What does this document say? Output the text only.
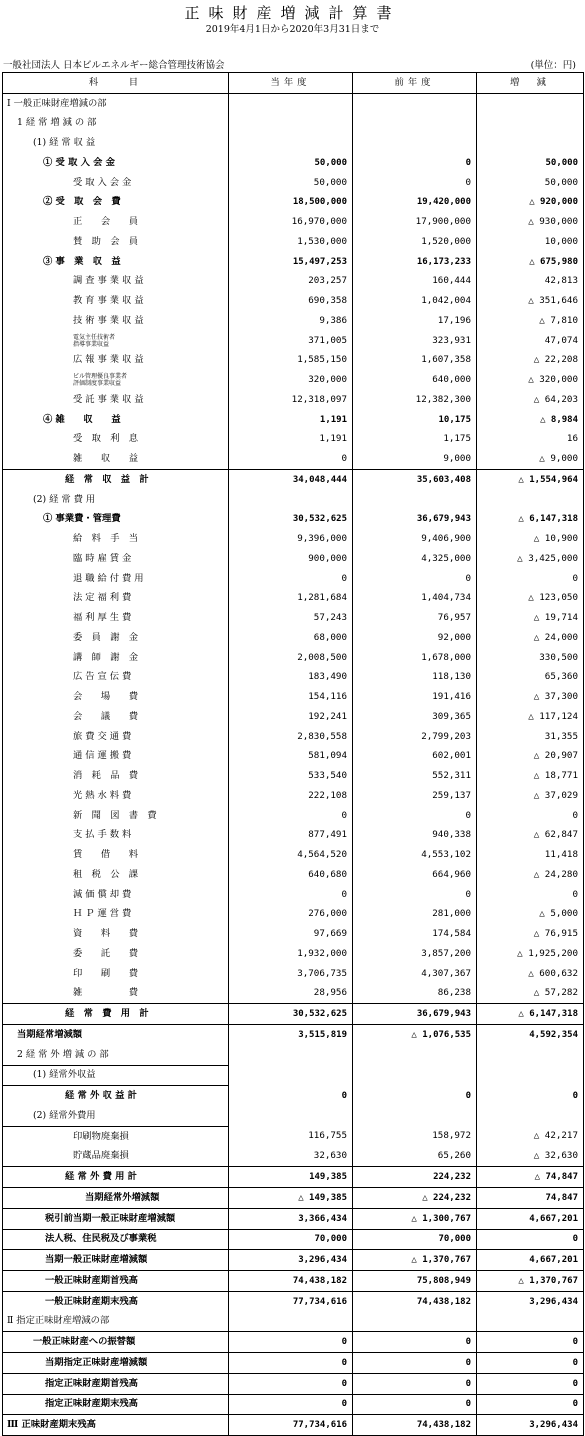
正味財産増減計算書
2019年4月1日から2020年3月31日まで
一般社団法人 日本ビルエネルギー総合管理技術協会	(単位：円)
科　　目	当年度	前年度	増　減
Ⅰ 一般正味財産増減の部			
1 経 常 増 減 の 部			
(1) 経 常 収 益			
① 受 取 入 会 金	50,000	0	50,000
受 取 入 会 金	50,000	0	50,000
② 受　取　会　費	18,500,000	19,420,000	△ 920,000
正　　会　　員	16,970,000	17,900,000	△ 930,000
賛　助　会　員	1,530,000	1,520,000	10,000
③ 事　業　収　益	15,497,253	16,173,233	△ 675,980
調 査 事 業 収 益	203,257	160,444	42,813
教 育 事 業 収 益	690,358	1,042,004	△ 351,646
技 術 事 業 収 益	9,386	17,196	△ 7,810

電気主任技術者
指導事業収益	371,005	323,931	47,074
広 報 事 業 収 益	1,585,150	1,607,358	△ 22,208

ビル管理優良事業者
評価制度事業収益	320,000	640,000	△ 320,000
受 託 事 業 収 益	12,318,097	12,382,300	△ 64,203
④ 雑　　収　　益	1,191	10,175	△ 8,984
受　取　利　息	1,191	1,175	16
雑　　収　　益	0	9,000	△ 9,000
経　常　収　益　計	34,048,444	35,603,408	△ 1,554,964
(2) 経 常 費 用			
① 事業費・管理費	30,532,625	36,679,943	△ 6,147,318
給　料　手　当	9,396,000	9,406,900	△ 10,900
臨 時 雇 賃 金	900,000	4,325,000	△ 3,425,000
退 職 給 付 費 用	0	0	0
法 定 福 利 費	1,281,684	1,404,734	△ 123,050
福 利 厚 生 費	57,243	76,957	△ 19,714
委　員　謝　金	68,000	92,000	△ 24,000
講　師　謝　金	2,008,500	1,678,000	330,500
広 告 宣 伝 費	183,490	118,130	65,360
会　　場　　費	154,116	191,416	△ 37,300
会　　議　　費	192,241	309,365	△ 117,124
旅 費 交 通 費	2,830,558	2,799,203	31,355
通 信 運 搬 費	581,094	602,001	△ 20,907
消　耗　品　費	533,540	552,311	△ 18,771
光 熱 水 料 費	222,108	259,137	△ 37,029
新　聞　図　書　費	0	0	0
支 払 手 数 料	877,491	940,338	△ 62,847
賃　　借　　料	4,564,520	4,553,102	11,418
租　税　公　課	640,680	664,960	△ 24,280
減 価 償 却 費	0	0	0
Ｈ Ｐ 運 営 費	276,000	281,000	△ 5,000
資　　料　　費	97,669	174,584	△ 76,915
委　　託　　費	1,932,000	3,857,200	△ 1,925,200
印　　刷　　費	3,706,735	4,307,367	△ 600,632
雑　　　　　費	28,956	86,238	△ 57,282
経　常　費　用　計	30,532,625	36,679,943	△ 6,147,318
当期経常増減額	3,515,819	△ 1,076,535	4,592,354
2 経 常 外 増 減 の 部			
(1) 経常外収益			
経 常 外 収 益 計	0	0	0
(2) 経常外費用			
印刷物廃棄損	116,755	158,972	△ 42,217
貯蔵品廃棄損	32,630	65,260	△ 32,630
経 常 外 費 用 計	149,385	224,232	△ 74,847
当期経常外増減額	△ 149,385	△ 224,232	74,847
税引前当期一般正味財産増減額	3,366,434	△ 1,300,767	4,667,201
法人税、住民税及び事業税	70,000	70,000	0
当期一般正味財産増減額	3,296,434	△ 1,370,767	4,667,201
一般正味財産期首残高	74,438,182	75,808,949	△ 1,370,767
一般正味財産期末残高	77,734,616	74,438,182	3,296,434
Ⅱ 指定正味財産増減の部			
一般正味財産への振替額	0	0	0
当期指定正味財産増減額	0	0	0
指定正味財産期首残高	0	0	0
指定正味財産期末残高	0	0	0
Ⅲ 正味財産期末残高	77,734,616	74,438,182	3,296,434
